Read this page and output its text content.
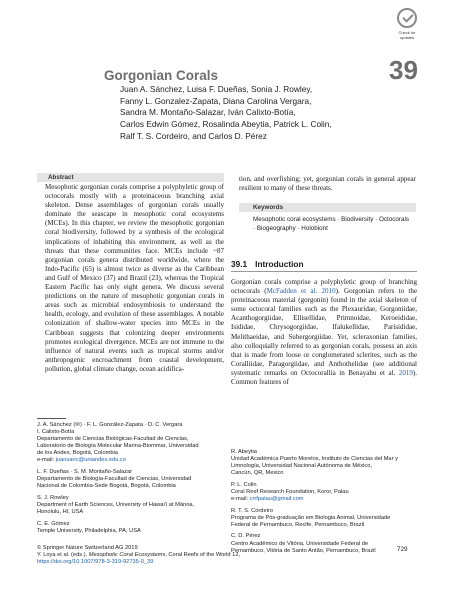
Check for
updates
Gorgonian Corals	39
Juan A. Sánchez, Luisa F. Dueñas, Sonia J. Rowley,
Fanny L. Gonzalez-Zapata, Diana Carolina Vergara,
Sandra M. Montaño-Salazar, Iván Calixto-Botía,
Carlos Edwin Gómez, Rosalinda Abeytia, Patrick L. Colin,
Ralf T. S. Cordeiro, and Carlos D. Pérez
Abstract

Mesophotic gorgonian corals comprise a polyphyletic group of octocorals mostly with a proteinaceous branching axial skeleton. Dense assemblages of gorgonian corals usually dominate the seascape in mesophotic coral ecosystems (MCEs). In this chapter, we review the mesophotic gorgonian coral biodiversity, followed by a synthesis of the ecological implications of inhabiting this environment, as well as the threats that these communities face. MCEs include ~87 gorgonian corals genera distributed worldwide, where the Indo-Pacific (65) is almost twice as diverse as the Caribbean and Gulf of Mexico (37) and Brazil (23), whereas the Tropical Eastern Pacific has only eight genera. We discuss several predictions on the nature of mesophotic gorgonian corals in areas such as microbial endosymbiosis to understand the health, ecology, and evolution of these assemblages. A notable colonization of shallow-water species into MCEs in the Caribbean suggests that colonizing deeper environments promotes ecological divergence. MCEs are not immune to the influence of natural events such as tropical storms and/or anthropogenic encroachment from coastal development, pollution, global climate change, ocean acidifica-

tion, and overfishing; yet, gorgonian corals in general appear resilient to many of these threats.

Keywords

Mesophotic coral ecosystems · Biodiversity · Octocorals
· Biogeography · Holobiont

39.1 Introduction

Gorgonian corals comprise a polyphyletic group of branching octocorals (McFadden et al. 2010). Gorgonian refers to the proteinaceous material (gorgonin) found in the axial skeleton of some octocoral families such as the Plexauridae, Gorgoniidae, Acanthogorgiidae, Ellisellidae, Primnoidae, Keroeididae, Isididae, Chrysogorgiidae, Ifalukellidae, Parisididae, Melithaeidae, and Subergorgiidae. Yet, scleraxonian families, also colloquially referred to as gorgonian corals, possess an axis that is made from loose or conglomerated sclerites, such as the Coralliidae, Paragorgiidae, and Anthothelidae (see additional systematic remarks on Octocorallia in Benayahu et al. 2019). Common features of

J. A. Sánchez (✉) · F. L. González-Zapata · D. C. Vergara
I. Calixto-Botía
Departamento de Ciencias Biológicas-Facultad de Ciencias,
Laboratorio de Biología Molecular Marina-Biommar, Universidad
de los Andes, Bogotá, Colombia
e-mail: juansanc@uniandes.edu.co
L. F. Dueñas · S. M. Montaño-Salazar
Departamento de Biología-Facultad de Ciencias, Universidad
Nacional de Colombia-Sede Bogotá, Bogotá, Colombia
S. J. Rowley
Department of Earth Sciences, University of Hawaiʻi at Mānoa,
Honolulu, HI, USA
C. E. Gómez
Temple University, Philadelphia, PA, USA
R. Abeytia
Unidad Académica Puerto Morelos, Instituto de Ciencias del Mar y
Limnología, Universidad Nacional Autónoma de México,
Cancún, QR, Mexico
P. L. Colin
Coral Reef Research Foundation, Koror, Palau
e-mail: crrfpalau@gmail.com
R. T. S. Cordeiro
Programa de Pós-graduação em Biologia Animal, Universidade
Federal de Pernambuco, Recife, Pernambuco, Brazil
C. D. Pérez
Centro Acadêmico de Vitória, Universidade Federal de
Pernambuco, Vitória de Santo Antão, Pernambuco, Brazil
© Springer Nature Switzerland AG 2019
Y. Loya et al. (eds.), Mesophotic Coral Ecosystems, Coral Reefs of the World 12,
https://doi.org/10.1007/978-3-319-92735-0_39
729
